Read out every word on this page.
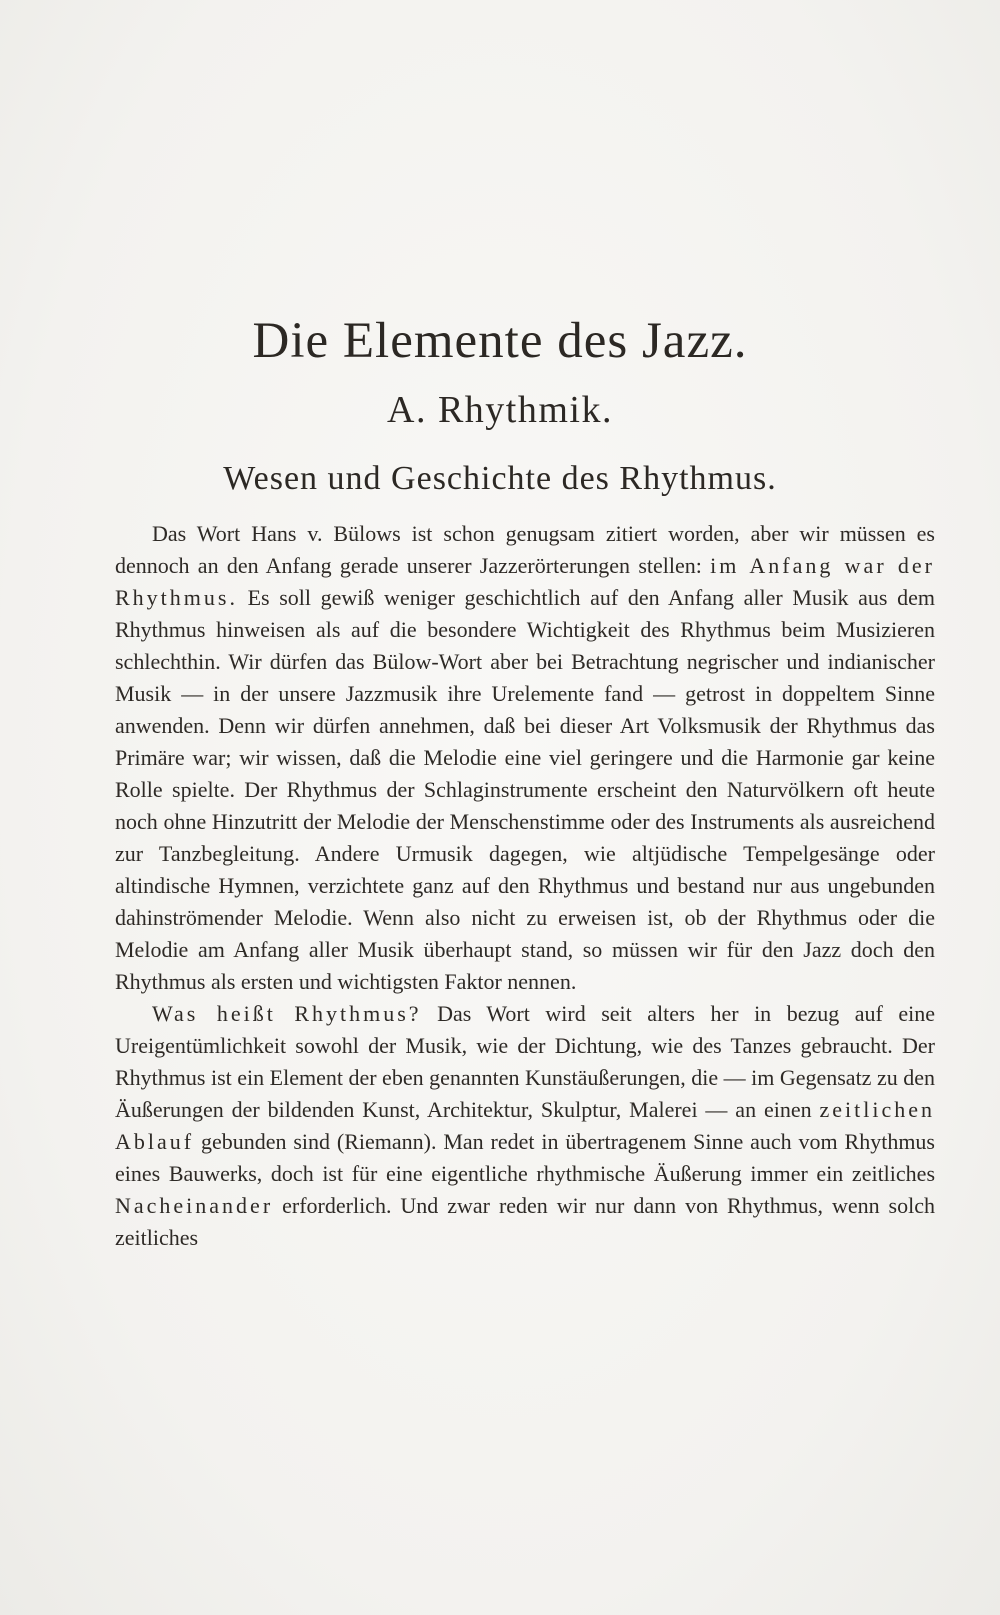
Die Elemente des Jazz.
A. Rhythmik.
Wesen und Geschichte des Rhythmus.

Das Wort Hans v. Bülows ist schon genugsam zitiert worden, aber wir müssen es dennoch an den Anfang gerade unserer Jazzerörterungen stellen: im Anfang war der Rhythmus. Es soll gewiß weniger geschichtlich auf den Anfang aller Musik aus dem Rhythmus hinweisen als auf die besondere Wichtigkeit des Rhythmus beim Musizieren schlechthin. Wir dürfen das Bülow-Wort aber bei Betrachtung negrischer und indianischer Musik — in der unsere Jazzmusik ihre Urelemente fand — getrost in doppeltem Sinne anwenden. Denn wir dürfen annehmen, daß bei dieser Art Volksmusik der Rhythmus das Primäre war; wir wissen, daß die Melodie eine viel geringere und die Harmonie gar keine Rolle spielte. Der Rhythmus der Schlaginstrumente erscheint den Naturvölkern oft heute noch ohne Hinzutritt der Melodie der Menschenstimme oder des Instruments als ausreichend zur Tanzbegleitung. Andere Urmusik dagegen, wie altjüdische Tempelgesänge oder altindische Hymnen, verzichtete ganz auf den Rhythmus und bestand nur aus ungebunden dahinströmender Melodie. Wenn also nicht zu erweisen ist, ob der Rhythmus oder die Melodie am Anfang aller Musik überhaupt stand, so müssen wir für den Jazz doch den Rhythmus als ersten und wichtigsten Faktor nennen.

Was heißt Rhythmus? Das Wort wird seit alters her in bezug auf eine Ureigentümlichkeit sowohl der Musik, wie der Dichtung, wie des Tanzes gebraucht. Der Rhythmus ist ein Element der eben genannten Kunstäußerungen, die — im Gegensatz zu den Äußerungen der bildenden Kunst, Architektur, Skulptur, Malerei — an einen zeitlichen Ablauf gebunden sind (Riemann). Man redet in übertragenem Sinne auch vom Rhythmus eines Bauwerks, doch ist für eine eigentliche rhythmische Äußerung immer ein zeitliches Nacheinander erforderlich. Und zwar reden wir nur dann von Rhythmus, wenn solch zeitliches
